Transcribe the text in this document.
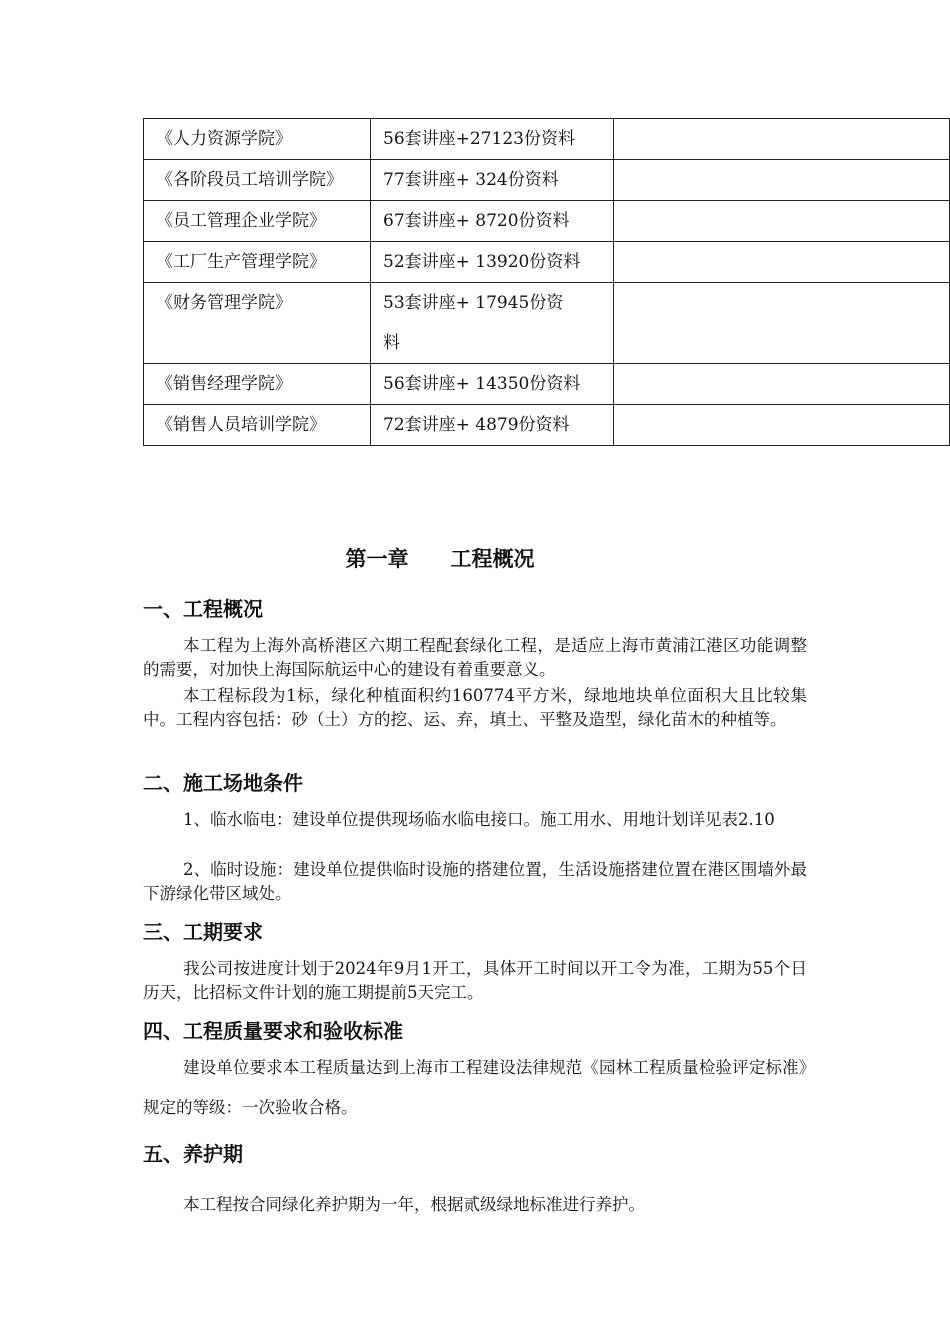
《人力资源学院》	56套讲座+27123份资料	
《各阶段员工培训学院》	77套讲座+ 324份资料	
《员工管理企业学院》	67套讲座+ 8720份资料	
《工厂生产管理学院》	52套讲座+ 13920份资料	
《财务管理学院》	53套讲座+ 17945份资料	
《销售经理学院》	56套讲座+ 14350份资料	
《销售人员培训学院》	72套讲座+ 4879份资料	
第一章　　工程概况
一、工程概况
本工程为上海外高桥港区六期工程配套绿化工程，是适应上海市黄浦江港区功能调整的需要，对加快上海国际航运中心的建设有着重要意义。
本工程标段为1标，绿化种植面积约160774平方米，绿地地块单位面积大且比较集中。工程内容包括：砂（土）方的挖、运、弃，填土、平整及造型，绿化苗木的种植等。
二、施工场地条件
1、临水临电：建设单位提供现场临水临电接口。施工用水、用地计划详见表2.10
2、临时设施：建设单位提供临时设施的搭建位置，生活设施搭建位置在港区围墙外最下游绿化带区域处。
三、工期要求
我公司按进度计划于2024年9月1开工，具体开工时间以开工令为准，工期为55个日历天，比招标文件计划的施工期提前5天完工。
四、工程质量要求和验收标准
建设单位要求本工程质量达到上海市工程建设法律规范《园林工程质量检验评定标准》规定的等级：一次验收合格。
五、养护期
本工程按合同绿化养护期为一年，根据贰级绿地标准进行养护。
